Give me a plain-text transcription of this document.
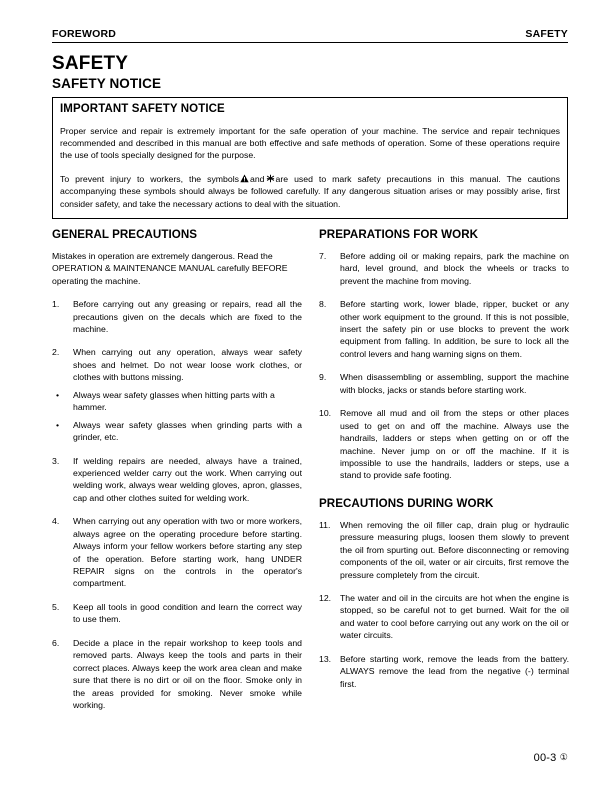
FOREWORD	SAFETY
SAFETY
SAFETY NOTICE
IMPORTANT SAFETY NOTICE

Proper service and repair is extremely important for the safe operation of your machine. The service and repair techniques recommended and described in this manual are both effective and safe methods of operation. Some of these operations require the use of tools specially designed for the purpose.

To prevent injury to workers, the symbols and are used to mark safety precautions in this manual. The cautions accompanying these symbols should always be followed carefully. If any dangerous situation arises or may possibly arise, first consider safety, and take the necessary actions to deal with the situation.

GENERAL PRECAUTIONS

Mistakes in operation are extremely dangerous. Read the OPERATION & MAINTENANCE MANUAL carefully BEFORE operating the machine.

1.	Before carrying out any greasing or repairs, read all the precautions given on the decals which are fixed to the machine.
2.	When carrying out any operation, always wear safety shoes and helmet. Do not wear loose work clothes, or clothes with buttons missing.
•	Always wear safety glasses when hitting parts with a hammer.
•	Always wear safety glasses when grinding parts with a grinder, etc.
3.	If welding repairs are needed, always have a trained, experienced welder carry out the work. When carrying out welding work, always wear welding gloves, apron, glasses, cap and other clothes suited for welding work.
4.	When carrying out any operation with two or more workers, always agree on the operating procedure before starting. Always inform your fellow workers before starting any step of the operation. Before starting work, hang UNDER REPAIR signs on the controls in the operator's compartment.
5.	Keep all tools in good condition and learn the correct way to use them.
6.	Decide a place in the repair workshop to keep tools and removed parts. Always keep the tools and parts in their correct places. Always keep the work area clean and make sure that there is no dirt or oil on the floor. Smoke only in the areas provided for smoking. Never smoke while working.
PREPARATIONS FOR WORK
7.	Before adding oil or making repairs, park the machine on hard, level ground, and block the wheels or tracks to prevent the machine from moving.
8.	Before starting work, lower blade, ripper, bucket or any other work equipment to the ground. If this is not possible, insert the safety pin or use blocks to prevent the work equipment from falling. In addition, be sure to lock all the control levers and hang warning signs on them.
9.	When disassembling or assembling, support the machine with blocks, jacks or stands before starting work.
10.	Remove all mud and oil from the steps or other places used to get on and off the machine. Always use the handrails, ladders or steps when getting on or off the machine. Never jump on or off the machine. If it is impossible to use the handrails, ladders or steps, use a stand to provide safe footing.
PRECAUTIONS DURING WORK
11.	When removing the oil filler cap, drain plug or hydraulic pressure measuring plugs, loosen them slowly to prevent the oil from spurting out. Before disconnecting or removing components of the oil, water or air circuits, first remove the pressure completely from the circuit.
12.	The water and oil in the circuits are hot when the engine is stopped, so be careful not to get burned. Wait for the oil and water to cool before carrying out any work on the oil or water circuits.
13.	Before starting work, remove the leads from the battery. ALWAYS remove the lead from the negative (-) terminal first.
00-3 ①
